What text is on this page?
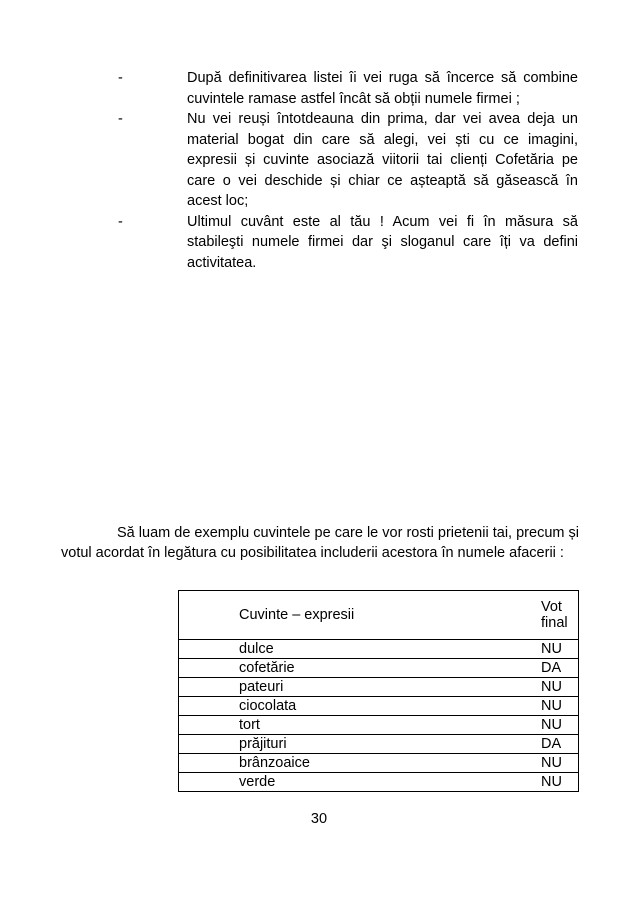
-	După definitivarea listei îi vei ruga să încerce să combine cuvintele ramase astfel încât să obții numele firmei ;
-	Nu vei reuși întotdeauna din prima, dar vei avea deja un material bogat din care să alegi, vei ști cu ce imagini, expresii și cuvinte asociază viitorii tai clienți Cofetăria pe care o vei deschide și chiar ce așteaptă să găsească în acest loc;
-	Ultimul cuvânt este al tău ! Acum vei fi în măsura să stabileşti numele firmei dar şi sloganul care îți va defini activitatea.

Să luam de exemplu cuvintele pe care le vor rosti prietenii tai, precum și votul acordat în legătura cu posibilitatea includerii acestora în numele afacerii :

Cuvinte – expresii	Vot final
dulce	NU
cofetărie	DA
pateuri	NU
ciocolata	NU
tort	NU
prăjituri	DA
brânzoaice	NU
verde	NU
30
